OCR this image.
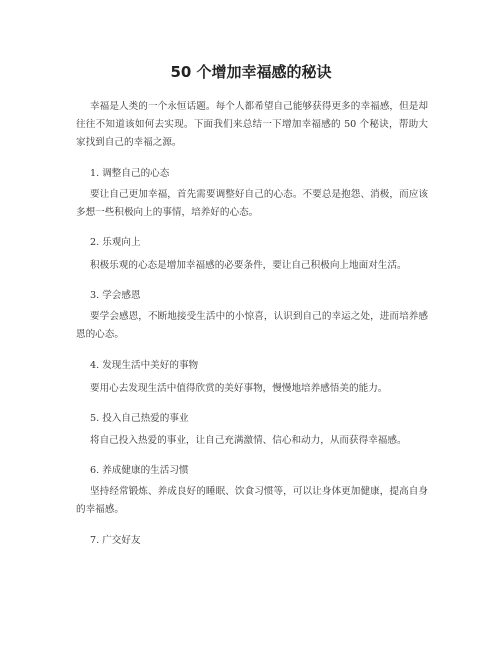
50 个增加幸福感的秘诀
幸福是人类的一个永恒话题。每个人都希望自己能够获得更多的幸福感，但是却往往不知道该如何去实现。下面我们来总结一下增加幸福感的 50 个秘诀，帮助大家找到自己的幸福之源。
1. 调整自己的心态
要让自己更加幸福，首先需要调整好自己的心态。不要总是抱怨、消极，而应该多想一些积极向上的事情，培养好的心态。
2. 乐观向上
积极乐观的心态是增加幸福感的必要条件，要让自己积极向上地面对生活。
3. 学会感恩
要学会感恩，不断地接受生活中的小惊喜，认识到自己的幸运之处，进而培养感恩的心态。
4. 发现生活中美好的事物
要用心去发现生活中值得欣赏的美好事物，慢慢地培养感悟美的能力。
5. 投入自己热爱的事业
将自己投入热爱的事业，让自己充满激情、信心和动力，从而获得幸福感。
6. 养成健康的生活习惯
坚持经常锻炼、养成良好的睡眠、饮食习惯等，可以让身体更加健康，提高自身的幸福感。
7. 广交好友
